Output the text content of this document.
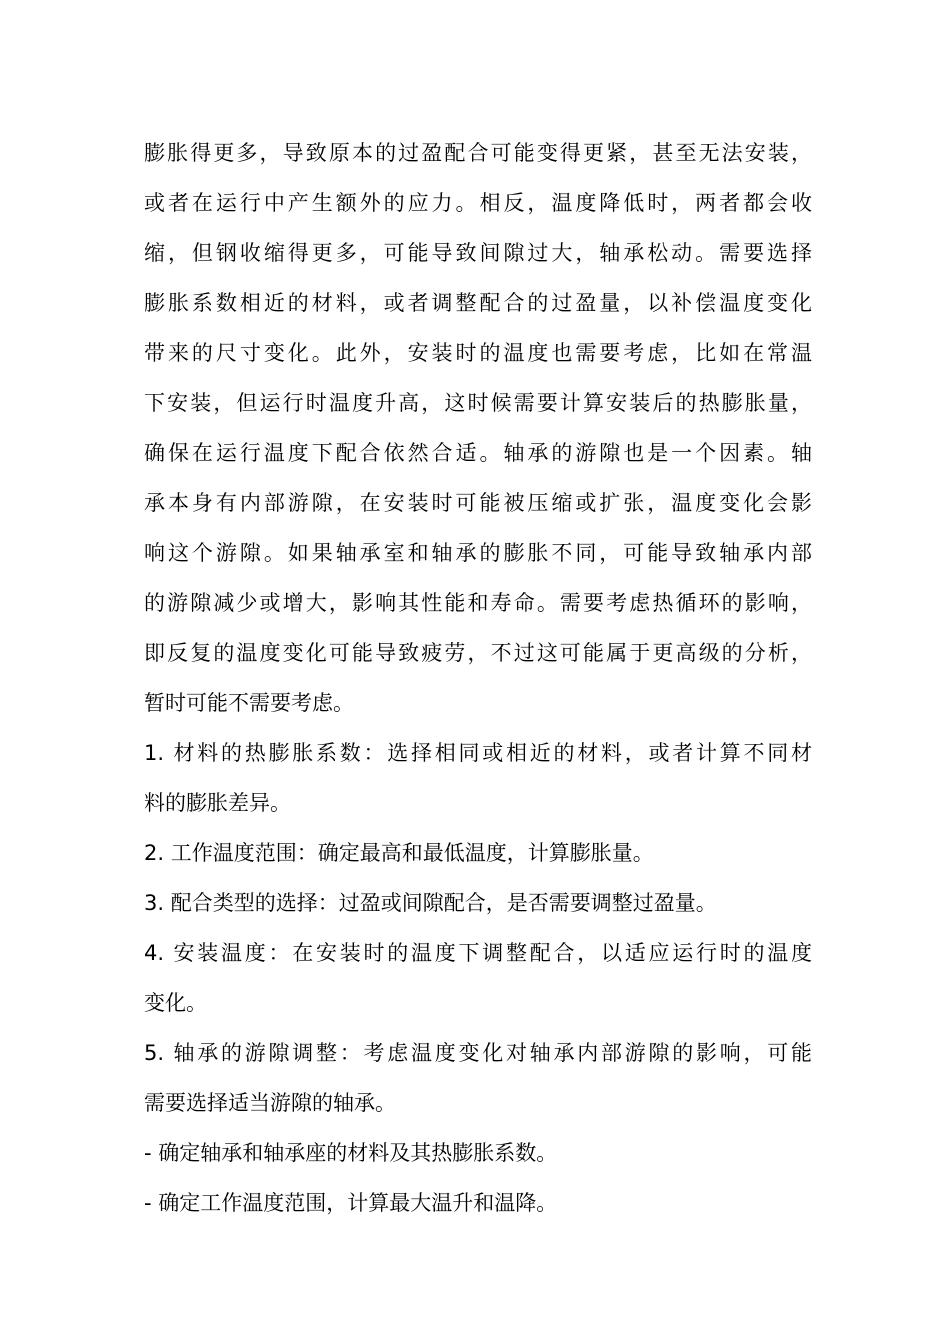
膨胀得更多，导致原本的过盈配合可能变得更紧，甚至无法安装，
或者在运行中产生额外的应力。相反，温度降低时，两者都会收
缩，但钢收缩得更多，可能导致间隙过大，轴承松动。需要选择
膨胀系数相近的材料，或者调整配合的过盈量，以补偿温度变化
带来的尺寸变化。此外，安装时的温度也需要考虑，比如在常温
下安装，但运行时温度升高，这时候需要计算安装后的热膨胀量，
确保在运行温度下配合依然合适。轴承的游隙也是一个因素。轴
承本身有内部游隙，在安装时可能被压缩或扩张，温度变化会影
响这个游隙。如果轴承室和轴承的膨胀不同，可能导致轴承内部
的游隙减少或增大，影响其性能和寿命。需要考虑热循环的影响，
即反复的温度变化可能导致疲劳，不过这可能属于更高级的分析，
暂时可能不需要考虑。
1. 材料的热膨胀系数：选择相同或相近的材料，或者计算不同材
料的膨胀差异。
2. 工作温度范围：确定最高和最低温度，计算膨胀量。
3. 配合类型的选择：过盈或间隙配合，是否需要调整过盈量。
4. 安装温度：在安装时的温度下调整配合，以适应运行时的温度
变化。
5. 轴承的游隙调整：考虑温度变化对轴承内部游隙的影响，可能
需要选择适当游隙的轴承。
- 确定轴承和轴承座的材料及其热膨胀系数。
- 确定工作温度范围，计算最大温升和温降。
